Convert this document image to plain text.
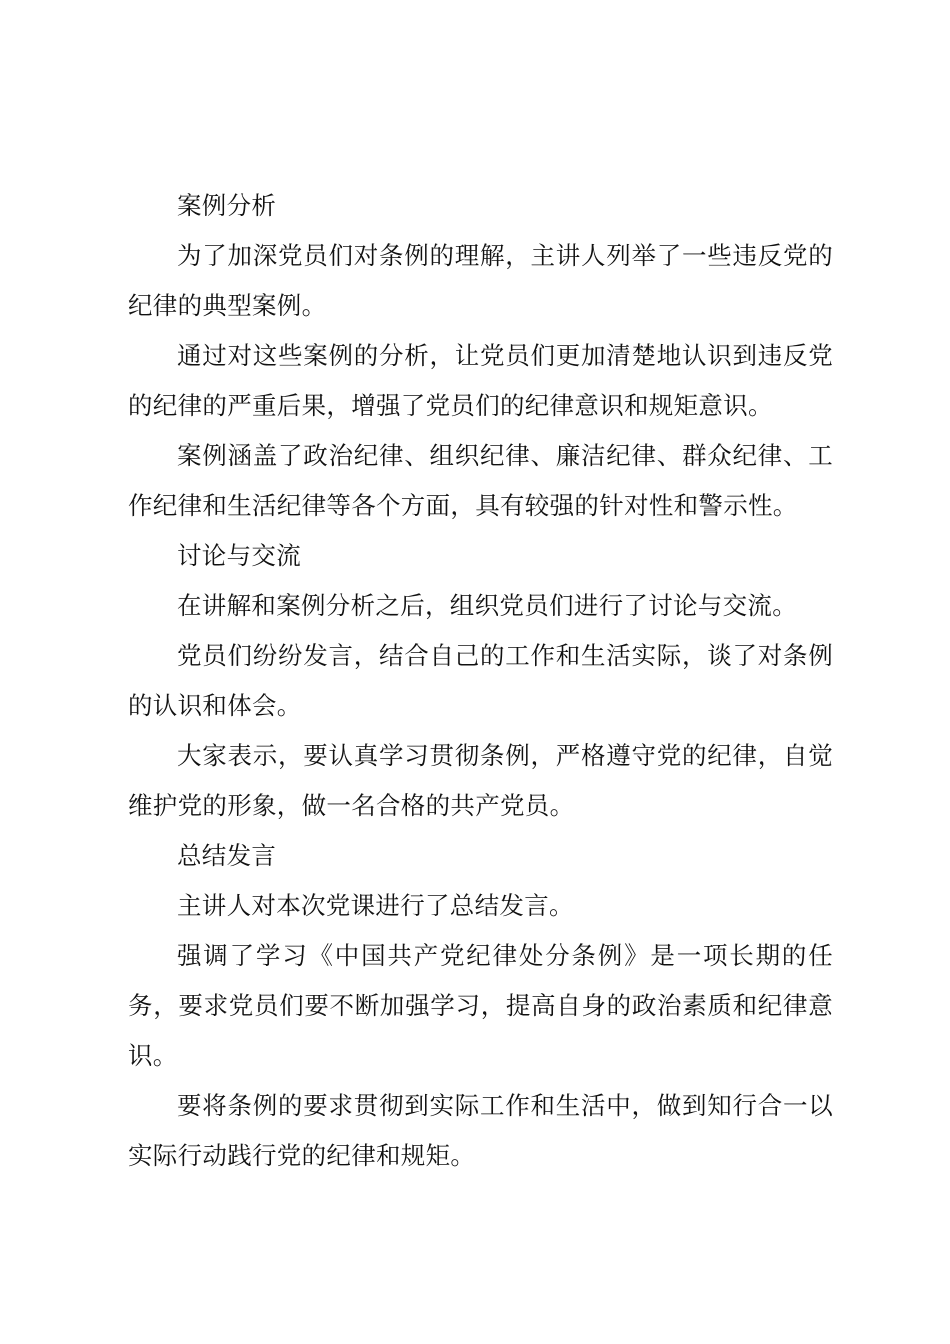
案例分析

为了加深党员们对条例的理解，主讲人列举了一些违反党的纪律的典型案例。

通过对这些案例的分析，让党员们更加清楚地认识到违反党的纪律的严重后果，增强了党员们的纪律意识和规矩意识。

案例涵盖了政治纪律、组织纪律、廉洁纪律、群众纪律、工作纪律和生活纪律等各个方面，具有较强的针对性和警示性。

讨论与交流

在讲解和案例分析之后，组织党员们进行了讨论与交流。

党员们纷纷发言，结合自己的工作和生活实际，谈了对条例的认识和体会。

大家表示，要认真学习贯彻条例，严格遵守党的纪律，自觉维护党的形象，做一名合格的共产党员。

总结发言

主讲人对本次党课进行了总结发言。

强调了学习《中国共产党纪律处分条例》是一项长期的任务，要求党员们要不断加强学习，提高自身的政治素质和纪律意识。

要将条例的要求贯彻到实际工作和生活中，做到知行合一以实际行动践行党的纪律和规矩。
